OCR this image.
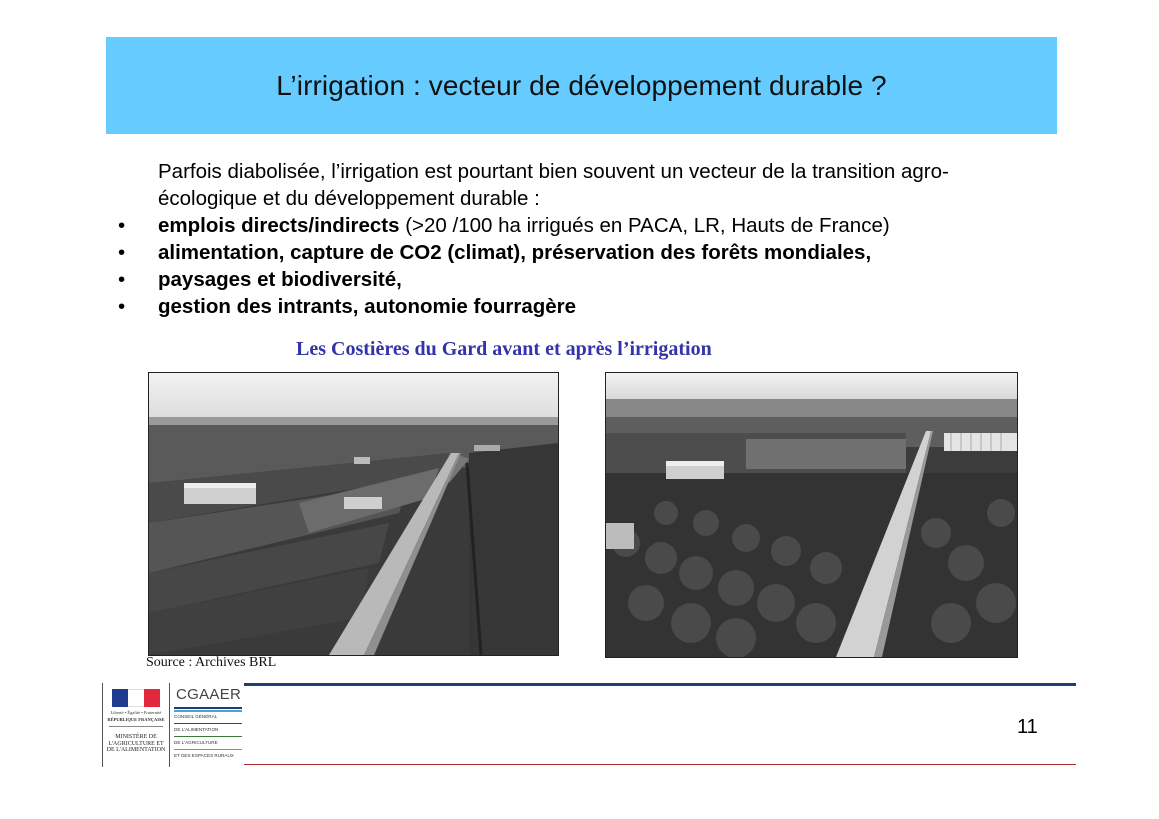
L’irrigation : vecteur de développement durable ?
Parfois diabolisée, l’irrigation est pourtant bien souvent un vecteur de la transition agro-écologique et du développement durable :
• emplois directs/indirects (>20 /100 ha irrigués en PACA, LR, Hauts de France)
• alimentation, capture de CO2 (climat), préservation des forêts mondiales,
• paysages et biodiversité,
• gestion des intrants, autonomie fourragère
Les Costières du Gard avant et après l’irrigation
Source : Archives BRL
Liberté • Égalité • Fraternité
RÉPUBLIQUE FRANÇAISE
MINISTÈRE DE L'AGRICULTURE ET DE L'ALIMENTATION
CGAAER
CONSEIL GÉNÉRAL
DE L'ALIMENTATION
DE L'AGRICULTURE
ET DES ESPACES RURAUX
11
